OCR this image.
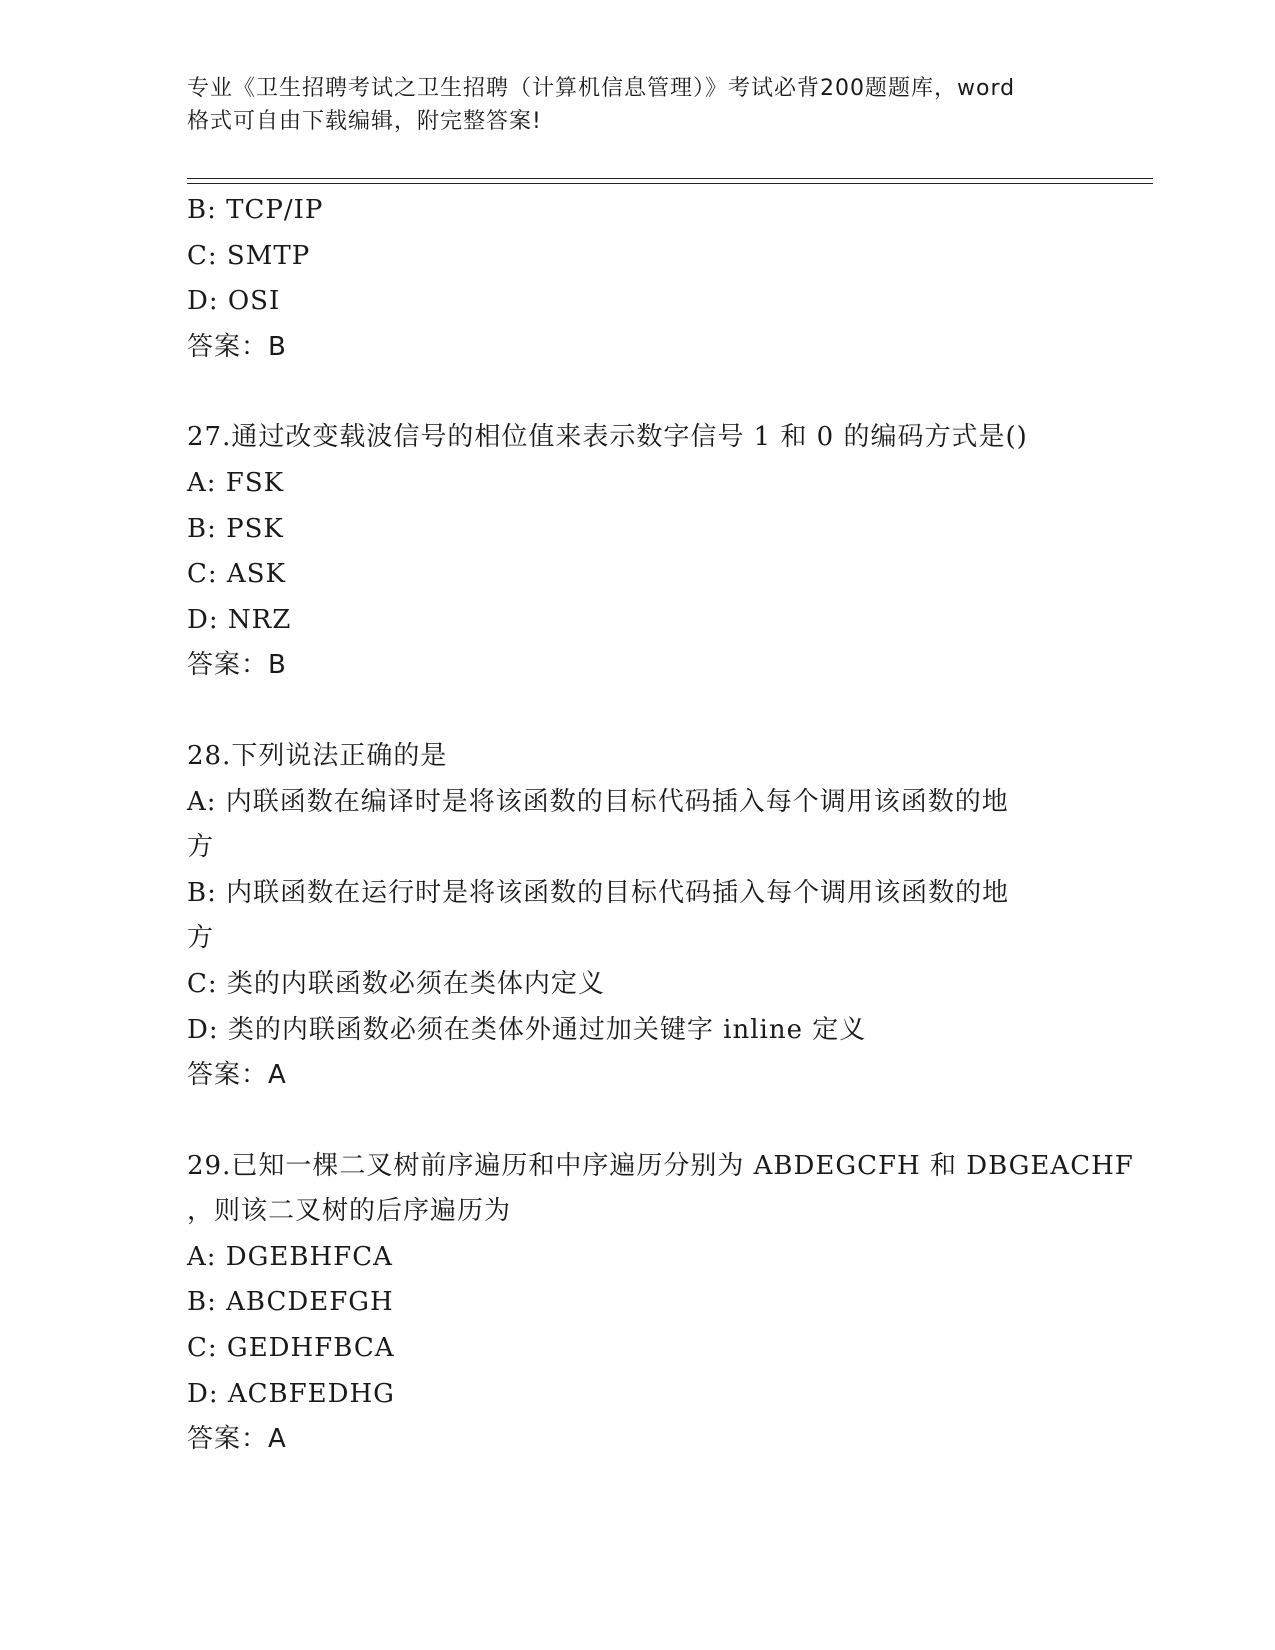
专业《卫生招聘考试之卫生招聘（计算机信息管理）》考试必背200题题库，word
格式可自由下载编辑，附完整答案!
B: TCP/IP
C: SMTP
D: OSI
答案：B
27.通过改变载波信号的相位值来表示数字信号 1 和 0 的编码方式是()
A: FSK
B: PSK
C: ASK
D: NRZ
答案：B
28.下列说法正确的是
A: 内联函数在编译时是将该函数的目标代码插入每个调用该函数的地
方
B: 内联函数在运行时是将该函数的目标代码插入每个调用该函数的地
方
C: 类的内联函数必须在类体内定义
D: 类的内联函数必须在类体外通过加关键字 inline 定义
答案：A
29.已知一棵二叉树前序遍历和中序遍历分别为 ABDEGCFH 和 DBGEACHF
，则该二叉树的后序遍历为
A: DGEBHFCA
B: ABCDEFGH
C: GEDHFBCA
D: ACBFEDHG
答案：A
